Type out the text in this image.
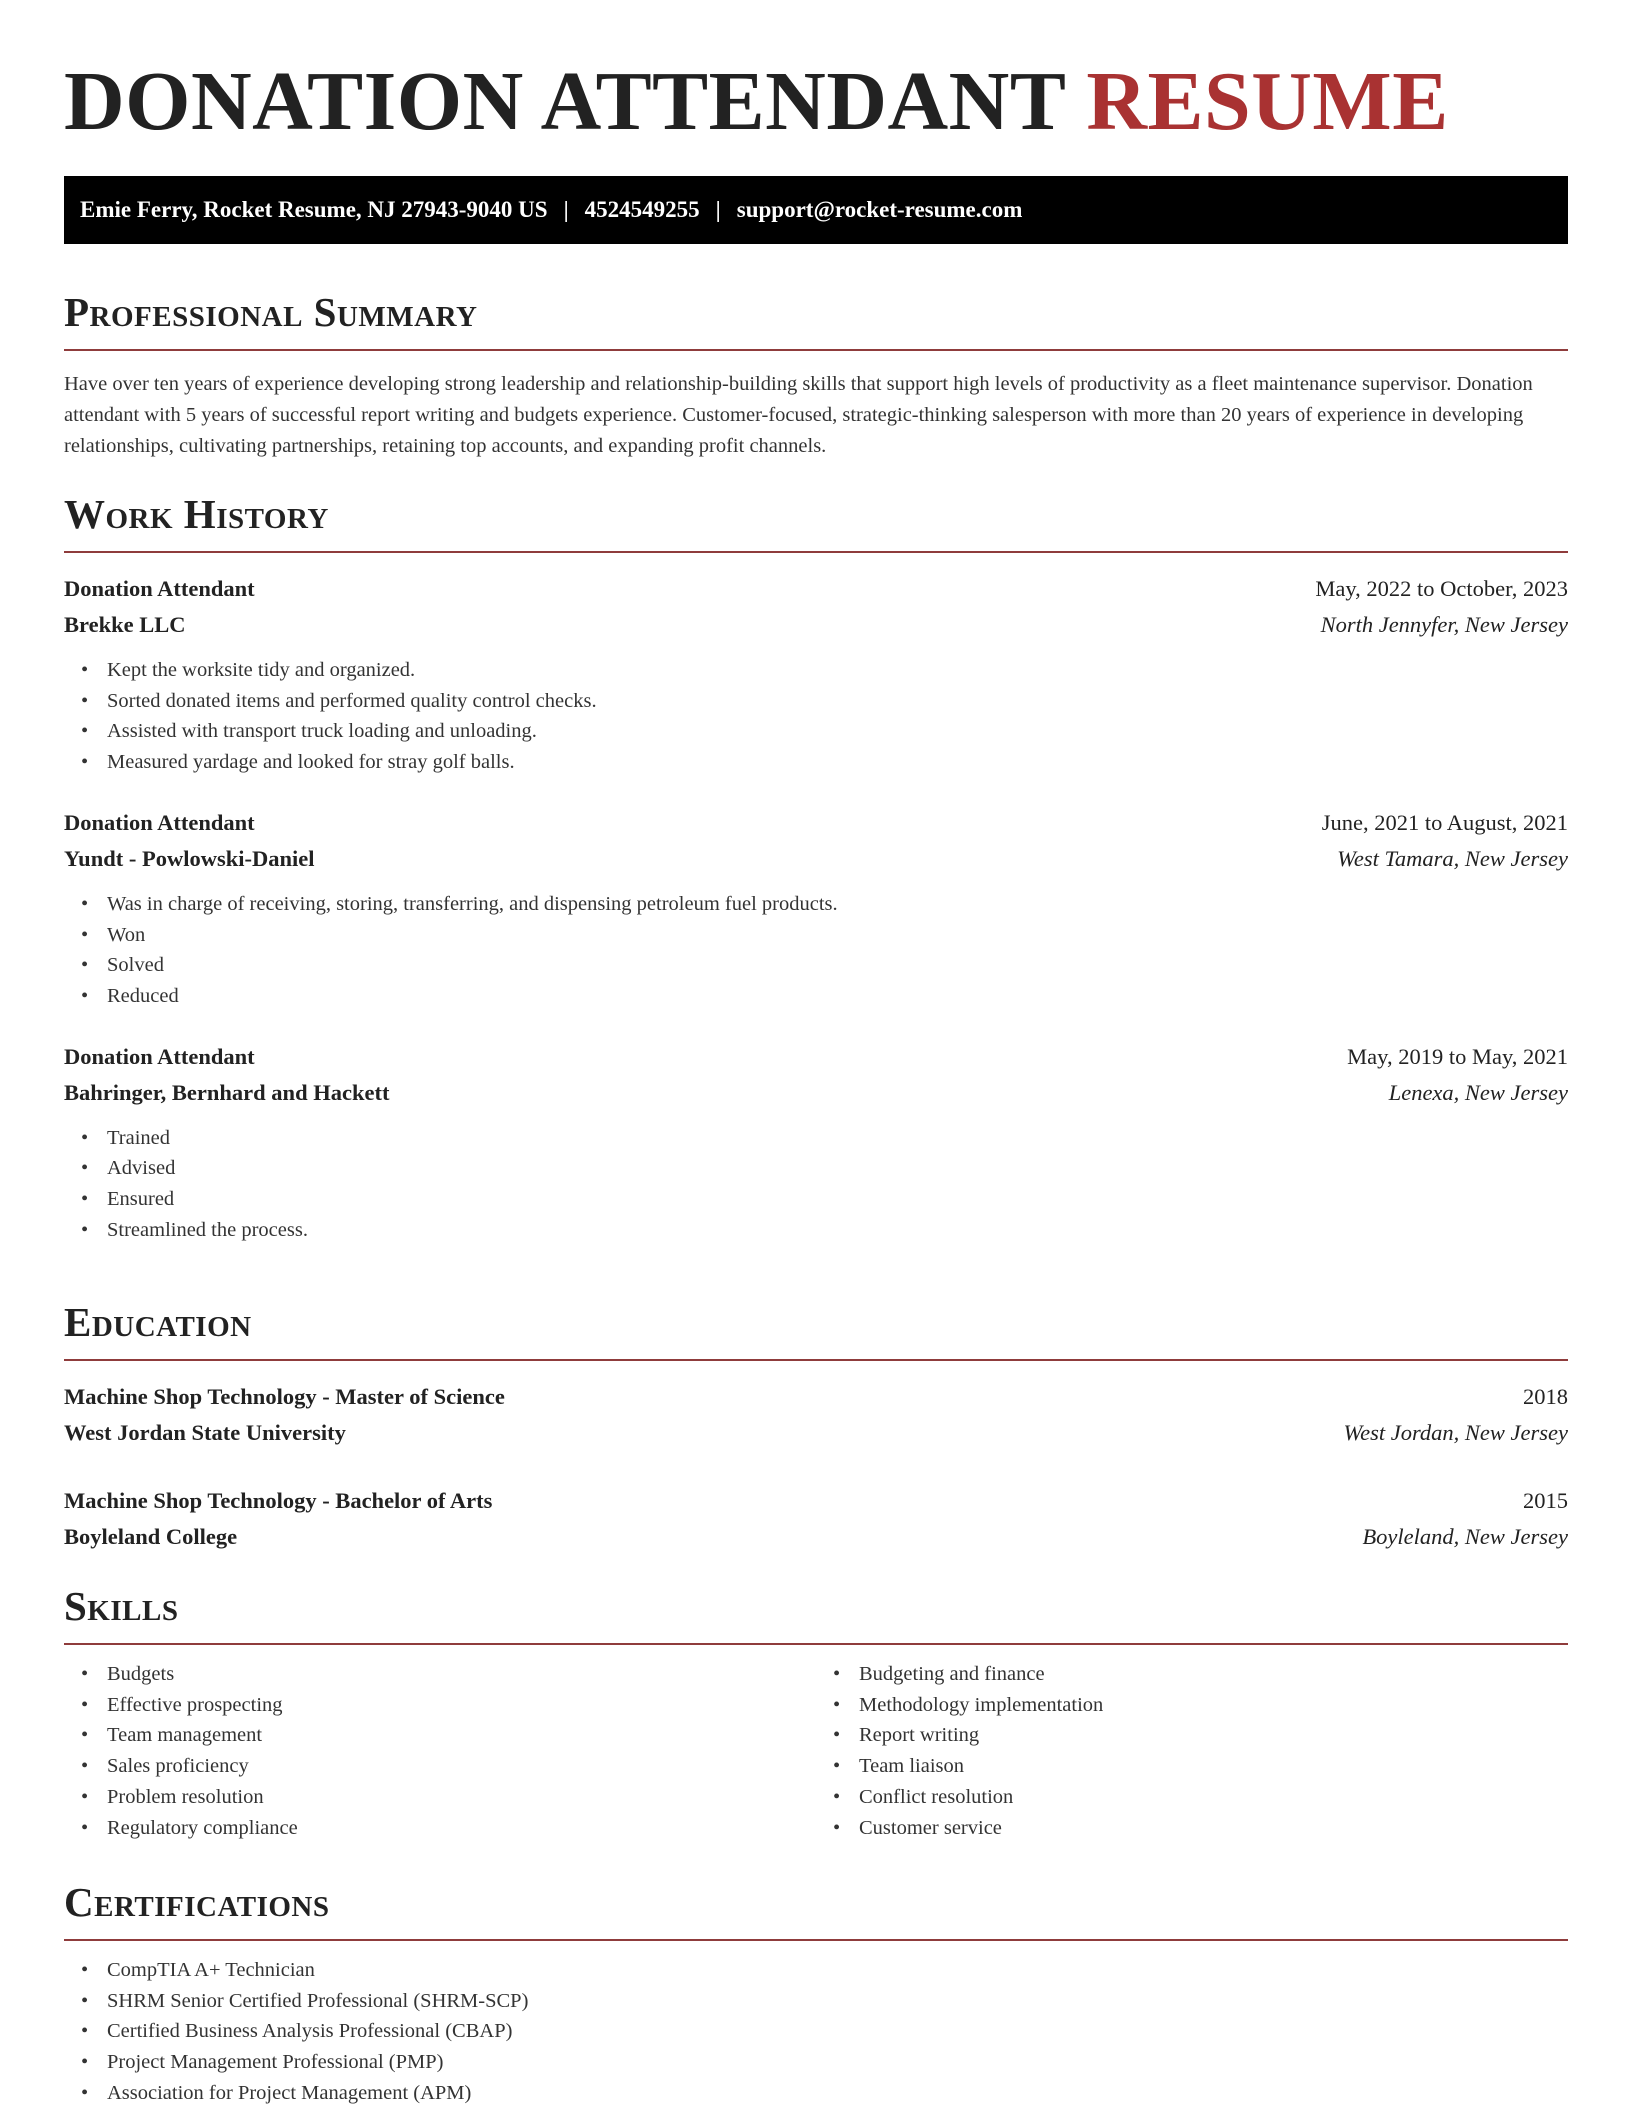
DONATION ATTENDANT RESUME
Emie Ferry, Rocket Resume, NJ 27943-9040 US | 4524549255 | support@rocket-resume.com
Professional Summary

Have over ten years of experience developing strong leadership and relationship-building skills that support high levels of productivity as a fleet maintenance supervisor. Donation attendant with 5 years of successful report writing and budgets experience. Customer-focused, strategic-thinking salesperson with more than 20 years of experience in developing relationships, cultivating partnerships, retaining top accounts, and expanding profit channels.

Work History
Donation Attendant	May, 2022 to October, 2023
Brekke LLC	North Jennyfer, New Jersey
• Kept the worksite tidy and organized.
• Sorted donated items and performed quality control checks.
• Assisted with transport truck loading and unloading.
• Measured yardage and looked for stray golf balls.
Donation Attendant	June, 2021 to August, 2021
Yundt - Powlowski-Daniel	West Tamara, New Jersey
• Was in charge of receiving, storing, transferring, and dispensing petroleum fuel products.
• Won
• Solved
• Reduced
Donation Attendant	May, 2019 to May, 2021
Bahringer, Bernhard and Hackett	Lenexa, New Jersey
• Trained
• Advised
• Ensured
• Streamlined the process.
Education
Machine Shop Technology - Master of Science	2018
West Jordan State University	West Jordan, New Jersey
Machine Shop Technology - Bachelor of Arts	2015
Boyleland College	Boyleland, New Jersey
Skills
• Budgets
• Effective prospecting
• Team management
• Sales proficiency
• Problem resolution
• Regulatory compliance
• Budgeting and finance
• Methodology implementation
• Report writing
• Team liaison
• Conflict resolution
• Customer service
Certifications
• CompTIA A+ Technician
• SHRM Senior Certified Professional (SHRM-SCP)
• Certified Business Analysis Professional (CBAP)
• Project Management Professional (PMP)
• Association for Project Management (APM)
